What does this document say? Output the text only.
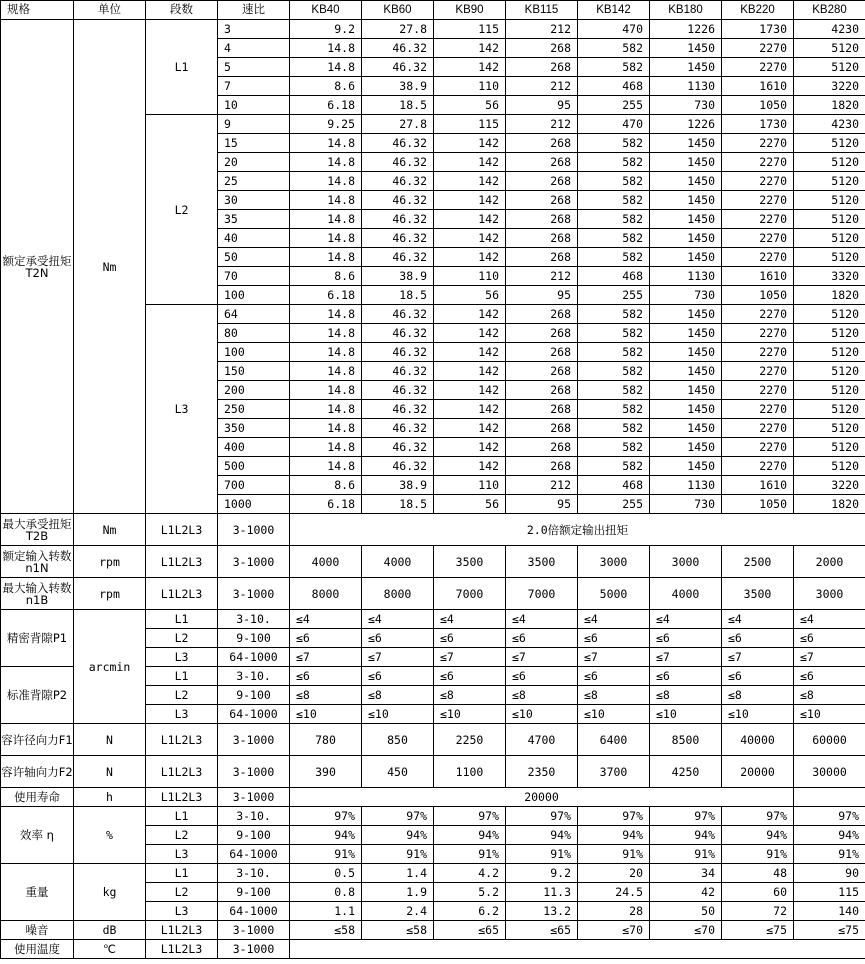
规格	单位	段数	速比	KB40	KB60	KB90	KB115	KB142	KB180	KB220	KB280
额定承受扭矩T2N	Nm	L1	3	9.2	27.8	115	212	470	1226	1730	4230
			4	14.8	46.32	142	268	582	1450	2270	5120
			5	14.8	46.32	142	268	582	1450	2270	5120
			7	8.6	38.9	110	212	468	1130	1610	3220
			10	6.18	18.5	56	95	255	730	1050	1820
		L2	9	9.25	27.8	115	212	470	1226	1730	4230
			15	14.8	46.32	142	268	582	1450	2270	5120
			20	14.8	46.32	142	268	582	1450	2270	5120
			25	14.8	46.32	142	268	582	1450	2270	5120
			30	14.8	46.32	142	268	582	1450	2270	5120
			35	14.8	46.32	142	268	582	1450	2270	5120
			40	14.8	46.32	142	268	582	1450	2270	5120
			50	14.8	46.32	142	268	582	1450	2270	5120
			70	8.6	38.9	110	212	468	1130	1610	3320
			100	6.18	18.5	56	95	255	730	1050	1820
		L3	64	14.8	46.32	142	268	582	1450	2270	5120
			80	14.8	46.32	142	268	582	1450	2270	5120
			100	14.8	46.32	142	268	582	1450	2270	5120
			150	14.8	46.32	142	268	582	1450	2270	5120
			200	14.8	46.32	142	268	582	1450	2270	5120
			250	14.8	46.32	142	268	582	1450	2270	5120
			350	14.8	46.32	142	268	582	1450	2270	5120
			400	14.8	46.32	142	268	582	1450	2270	5120
			500	14.8	46.32	142	268	582	1450	2270	5120
			700	8.6	38.9	110	212	468	1130	1610	3220
			1000	6.18	18.5	56	95	255	730	1050	1820
最大承受扭矩T2B	Nm	L1L2L3	3-1000	2.0倍额定输出扭矩							
额定输入转数n1N	rpm	L1L2L3	3-1000	4000	4000	3500	3500	3000	3000	2500	2000
最大输入转数n1B	rpm	L1L2L3	3-1000	8000	8000	7000	7000	5000	4000	3500	3000
精密背隙P1	arcmin	L1	3-10.	≤4	≤4	≤4	≤4	≤4	≤4	≤4	≤4
		L2	9-100	≤6	≤6	≤6	≤6	≤6	≤6	≤6	≤6
		L3	64-1000	≤7	≤7	≤7	≤7	≤7	≤7	≤7	≤7
标准背隙P2		L1	3-10.	≤6	≤6	≤6	≤6	≤6	≤6	≤6	≤6
		L2	9-100	≤8	≤8	≤8	≤8	≤8	≤8	≤8	≤8
		L3	64-1000	≤10	≤10	≤10	≤10	≤10	≤10	≤10	≤10
容许径向力F1	N	L1L2L3	3-1000	780	850	2250	4700	6400	8500	40000	60000
容许轴向力F2	N	L1L2L3	3-1000	390	450	1100	2350	3700	4250	20000	30000
使用寿命	h	L1L2L3	3-1000	20000							
效率 η	%	L1	3-10.	97%	97%	97%	97%	97%	97%	97%	97%
		L2	9-100	94%	94%	94%	94%	94%	94%	94%	94%
		L3	64-1000	91%	91%	91%	91%	91%	91%	91%	91%
重量	kg	L1	3-10.	0.5	1.4	4.2	9.2	20	34	48	90
		L2	9-100	0.8	1.9	5.2	11.3	24.5	42	60	115
		L3	64-1000	1.1	2.4	6.2	13.2	28	50	72	140
噪音	dB	L1L2L3	3-1000	≤58	≤58	≤65	≤65	≤70	≤70	≤75	≤75
使用温度	℃	L1L2L3	3-1000								
